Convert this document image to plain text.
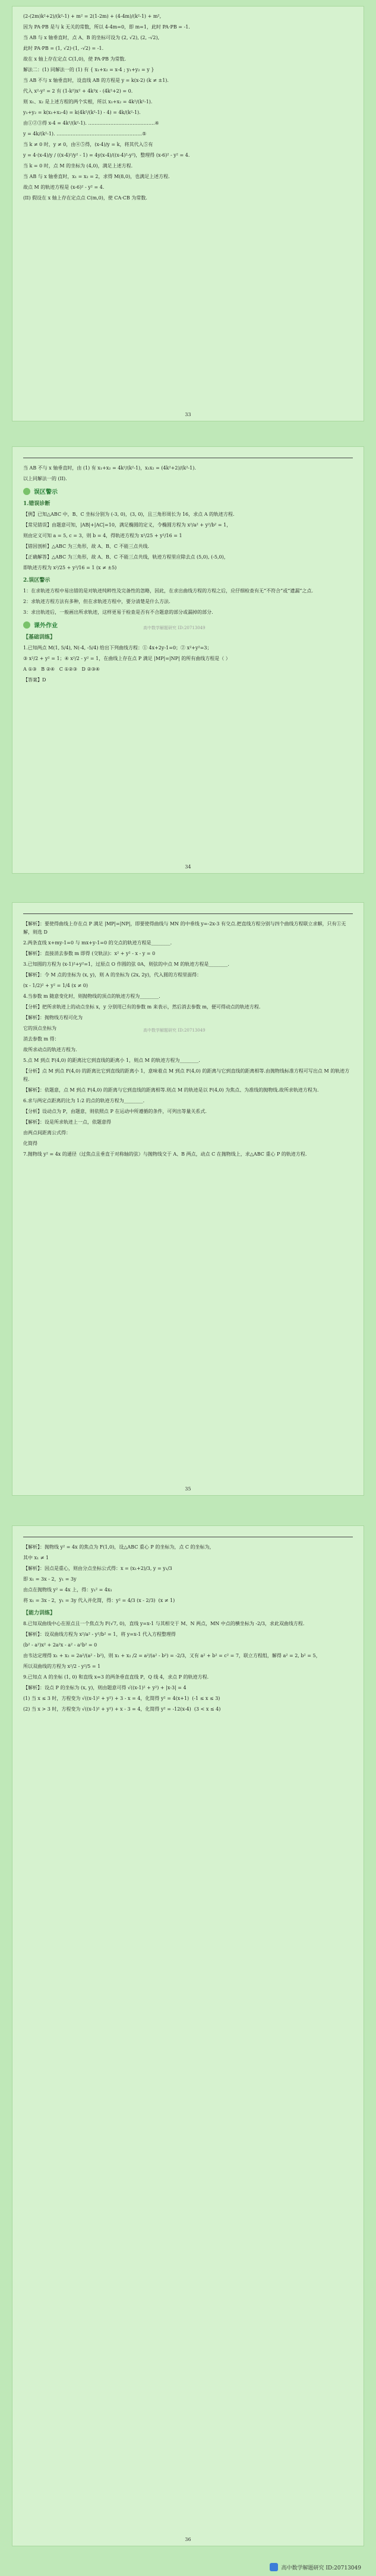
(2-(2m)k²+2)/(k²-1) + m² = 2(1-2m) + (4-4m)/(k²-1) + m²,
因为 PA·PB 是与 k 无关的常数，所以 4-4m=0，即 m=1，此时 PA·PB = -1.
当 AB 与 x 轴垂直时，点 A、B 的坐标可设为 (2, √2), (2, -√2),
此时 PA·PB = (1, √2)·(1, -√2) = -1.
故在 x 轴上存在定点 C(1,0)，使 PA·PB 为常数.
解法二：(1) 同解法一的 (1) 有 { x₁+x₂ = x-4 ; y₁+y₂ = y }
当 AB 不与 x 轴垂直时，设直线 AB 的方程是 y = k(x-2) (k ≠ ±1).
代入 x²-y² = 2 有 (1-k²)x² + 4k²x - (4k²+2) = 0.
则 x₁、x₂ 是上述方程的两个实根，所以 x₁+x₂ = 4k²/(k²-1).
y₁+y₂ = k(x₁+x₂-4) = k(4k²/(k²-1) - 4) = 4k/(k²-1).
由①②③得 x-4 = 4k²/(k²-1). ……………………………………④
y = 4k/(k²-1). ………………………………………………⑤
当 k ≠ 0 时，y ≠ 0，由④⑤得，(x-4)/y = k，将其代入⑤有
y = 4·(x-4)/y / ((x-4)²/y² - 1) = 4y(x-4)/((x-4)²-y²)，整理得 (x-6)² - y² = 4.
当 k = 0 时，点 M 的坐标为 (4,0)，满足上述方程.
当 AB 与 x 轴垂直时，x₁ = x₂ = 2，求得 M(8,0)，也满足上述方程.
故点 M 的轨迹方程是 (x-6)² - y² = 4.
(II) 假设在 x 轴上存在定点点 C(m,0)，使 CA·CB 为常数.
33
当 AB 不与 x 轴垂直时，由 (1) 有 x₁+x₂ = 4k²/(k²-1)，x₁x₂ = (4k²+2)/(k²-1).
以上同解法一的 (II).
误区警示
1.错误诊断
【例】已知△ABC 中，B、C 坐标分别为 (-3, 0)，(3, 0)，且三角形周长为 16，求点 A 的轨迹方程.
【常见错误】由题意可知，|AB|+|AC|=10，满足椭圆的定义，令椭圆方程为 x²/a² + y²/b² = 1，
则由定义可知 a = 5, c = 3，则 b = 4，得轨迹方程为 x²/25 + y²/16 = 1
【错因剖析】△ABC 为三角形，故 A、B、C 不能三点共线.
【正确解答】△ABC 为三角形，故 A、B、C 不能三点共线，轨迹方程里应除去点 (5,0), (-5,0)，
即轨迹方程为 x²/25 + y²/16 = 1 (x ≠ ±5)
2.误区警示
1：在求轨迹方程中易出错的是对轨迹纯粹性及完备性的忽略，因此，在求出曲线方程的方程之后，应仔细检查有无“不符合”或“遗漏”之点.
2：求轨迹方程方法有多种，但在求轨迹方程中，要分清楚是什么方法.
3：求出轨迹后，一般画出所求轨迹，这样更易于检查是否有不合题意的部分或漏掉的部分.
课外作业
【基础训练】
1.已知两点 M(1, 5/4), N(-4, -5/4) 给出下列曲线方程：① 4x+2y-1=0；② x²+y²=3；
③ x²/2 + y² = 1；④ x²/2 - y² = 1，在曲线上存在点 P 满足 |MP|=|NP| 的所有曲线方程是（ ）
A ①③   B ②④   C ①②③   D ②③④
【答案】D
高中数学解题研究 ID:20713049
34
【解析】：要使得曲线上存在点 P 满足 |MP|=|NP|，即要使得曲线与 MN 的中垂线 y=-2x-3 有交点.把直线方程分别与四个曲线方程联立求解，只有①无解，则选 D
2.两条直线 x+my-1=0 与 mx+y-1=0 的交点的轨迹方程是________.
【解析】：直接消去参数 m 即得 (交轨法)：x² + y² - x - y = 0
3.已知圆的方程为 (x-1)²+y²=1，过原点 O 作圆的弦 0A，则弦的中点 M 的轨迹方程是________.
【解析】：令 M 点的坐标为 (x, y)，则 A 的坐标为 (2x, 2y)，代入圆的方程里面得：
(x - 1/2)² + y² = 1/4 (x ≠ 0)
4.当参数 m 随意变化时，则抛物线的顶点的轨迹方程为________.
【分析】把所求轨迹上的动点坐标 x，y 分别用已有的参数 m 来表示，然后消去参数 m，便可得动点的轨迹方程.
【解析】：抛物线方程可化为
它的顶点坐标为
消去参数 m 得：
故所求动点的轨迹方程为.
5.点 M 到点 F(4,0) 的距离比它到直线的距离小 1，则点 M 的轨迹方程为________.
【分析】点 M 到点 F(4,0) 的距离比它到直线的距离小 1，意味着点 M 到点 F(4,0) 的距离与它到直线的距离相等.由抛物线标准方程可写出点 M 的轨迹方程.
【解析】：依题意，点 M 到点 F(4,0) 的距离与它到直线的距离相等.则点 M 的轨迹是以 F(4,0) 为焦点、为准线的抛物线.故所求轨迹方程为.
6.求与两定点距离的比为 1:2 的点的轨迹方程为________.
【分析】设动点为 P，由题意，则依照点 P 在运动中所遵循的条件，可列出等量关系式.
【解析】：设是所求轨迹上一点，依题意得
由两点间距离公式得：
化简得
7.抛物线 y² = 4x 的通径（过焦点且垂直于对称轴的弦）与抛物线交于 A、B 两点，动点 C 在抛物线上，求△ABC 重心 P 的轨迹方程.
高中数学解题研究 ID:20713049
35
【解析】：抛物线 y² = 4x 的焦点为 F(1,0)，设△ABC 重心 P 的坐标为，点 C 的坐标为，
其中 x₁ ≠ 1
【解析】：因点是重心，则由分点坐标公式得：x = (x₁+2)/3, y = y₁/3
即 x₁ = 3x - 2，y₁ = 3y
由点在抛物线 y² = 4x 上，得：y₁² = 4x₁
将 x₁ = 3x - 2，y₁ = 3y 代入并化简，得：y² = 4/3 (x - 2/3)  (x ≠ 1)
【能力训练】
8.已知双曲线中心在原点且一个焦点为 F(√7, 0)，直线 y=x-1 与其相交于 M、N 两点，MN 中点的横坐标为 -2/3，求此双曲线方程.
【解析】：设双曲线方程为 x²/a² - y²/b² = 1，将 y=x-1 代入方程整理得
(b² - a²)x² + 2a²x - a² - a²b² = 0
由韦达定理得 x₁ + x₂ = 2a²/(a² - b²)，则 x₁ + x₂ /2 = a²/(a² - b²) = -2/3，又有 a² + b² = c² = 7，联立方程组，解得 a² = 2, b² = 5，
所以双曲线的方程为 x²/2 - y²/5 = 1
9.已知点 A 的坐标 (1, 0) 和直线 x=3 的两条垂直直线 P，Q 线 4，求点 P 的轨迹方程.
【解析】：设点 P 的坐标为 (x, y)，则由题意可得 √((x-1)² + y²) + |x-3| = 4
(1) 当 x ≤ 3 时，方程变为 √((x-1)² + y²) + 3 - x = 4，化简得 y² = 4(x+1)  (-1 ≤ x ≤ 3)
(2) 当 x > 3 时，方程变为 √((x-1)² + y²) + x - 3 = 4，化简得 y² = -12(x-4)  (3 < x ≤ 4)
36
高中数学解题研究 ID:20713049
